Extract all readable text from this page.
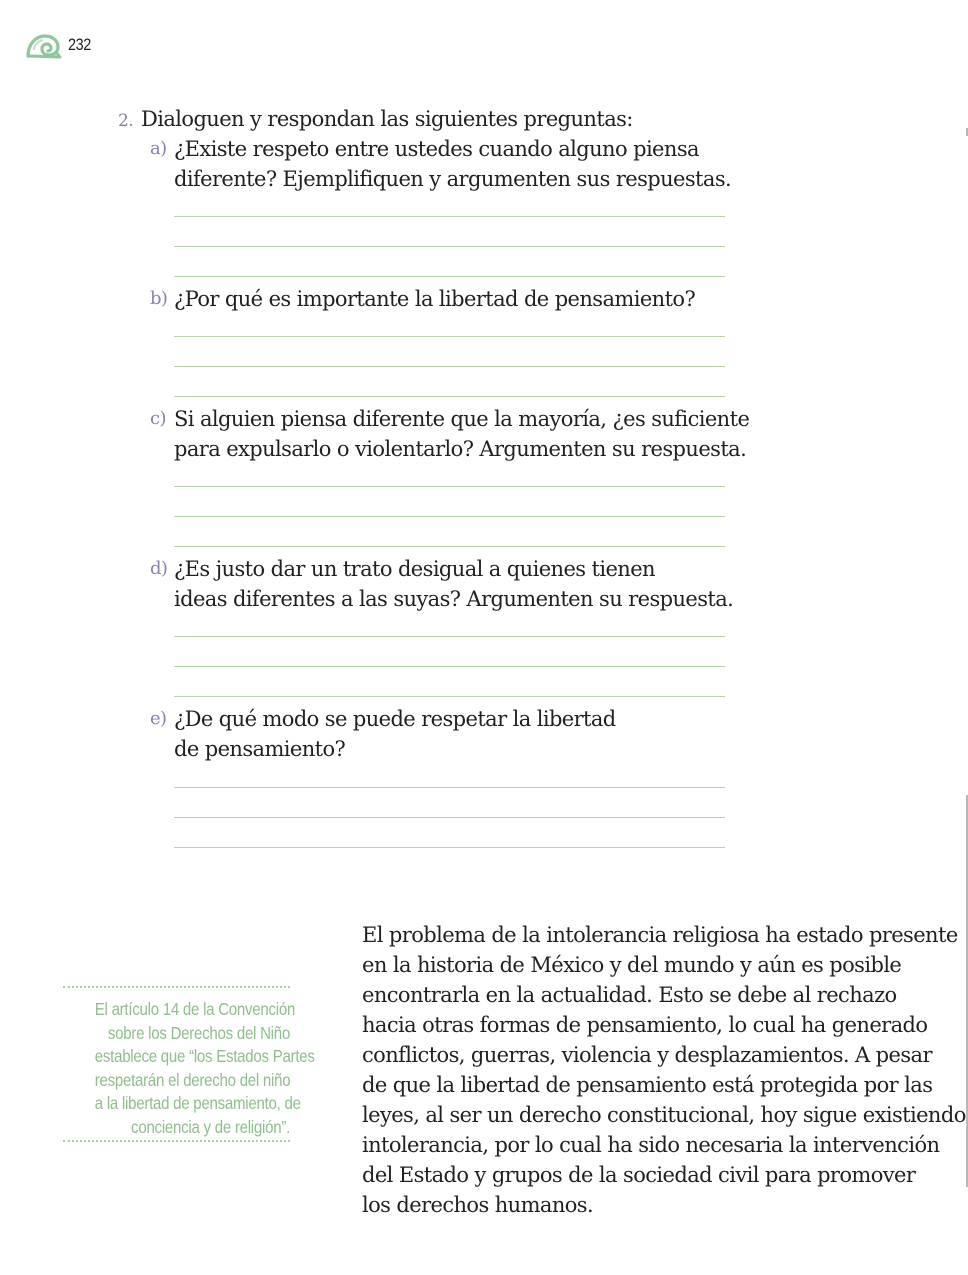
232
2. Dialoguen y respondan las siguientes preguntas:
a) ¿Existe respeto entre ustedes cuando alguno piensa
diferente? Ejemplifiquen y argumenten sus respuestas.
b) ¿Por qué es importante la libertad de pensamiento?
c) Si alguien piensa diferente que la mayoría, ¿es suficiente
para expulsarlo o violentarlo? Argumenten su respuesta.
d) ¿Es justo dar un trato desigual a quienes tienen
ideas diferentes a las suyas? Argumenten su respuesta.
e) ¿De qué modo se puede respetar la libertad
de pensamiento?
El artículo 14 de la Convención
sobre los Derechos del Niño
establece que “los Estados Partes
respetarán el derecho del niño
a la libertad de pensamiento, de
conciencia y de religión”.
El problema de la intolerancia religiosa ha estado presente
en la historia de México y del mundo y aún es posible
encontrarla en la actualidad. Esto se debe al rechazo
hacia otras formas de pensamiento, lo cual ha generado
conflictos, guerras, violencia y desplazamientos. A pesar
de que la libertad de pensamiento está protegida por las
leyes, al ser un derecho constitucional, hoy sigue existiendo
intolerancia, por lo cual ha sido necesaria la intervención
del Estado y grupos de la sociedad civil para promover
los derechos humanos.
